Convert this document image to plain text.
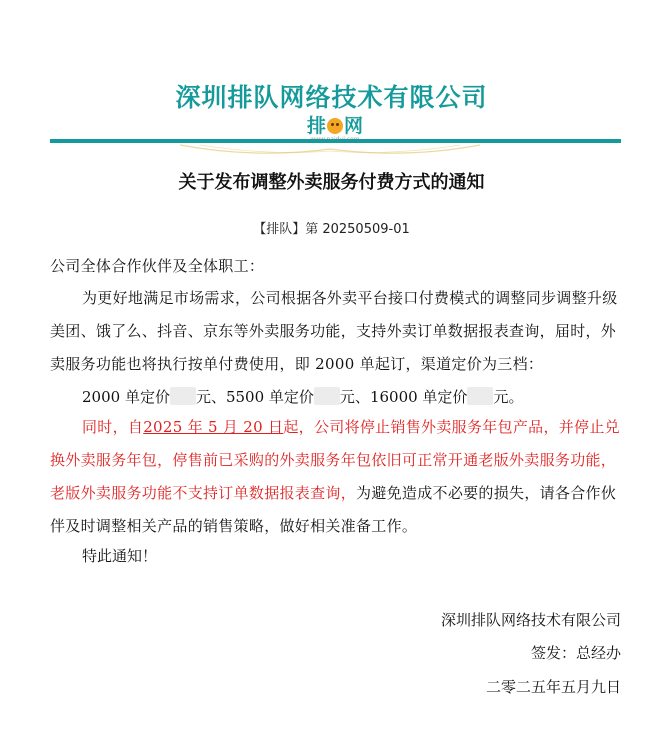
深圳排队网络技术有限公司
排 网
关于发布调整外卖服务付费方式的通知
【排队】第 20250509-01
公司全体合作伙伴及全体职工：
为更好地满足市场需求，公司根据各外卖平台接口付费模式的调整同步调整升级美团、饿了么、抖音、京东等外卖服务功能，支持外卖订单数据报表查询，届时，外卖服务功能也将执行按单付费使用，即 2000 单起订，渠道定价为三档：
2000 单定价 元、5500 单定价 元、16000 单定价 元。
同时，自2025 年 5 月 20 日起，公司将停止销售外卖服务年包产品，并停止兑换外卖服务年包，停售前已采购的外卖服务年包依旧可正常开通老版外卖服务功能，老版外卖服务功能不支持订单数据报表查询，为避免造成不必要的损失，请各合作伙伴及时调整相关产品的销售策略，做好相关准备工作。
特此通知！
深圳排队网络技术有限公司
签发：总经办
二零二五年五月九日
